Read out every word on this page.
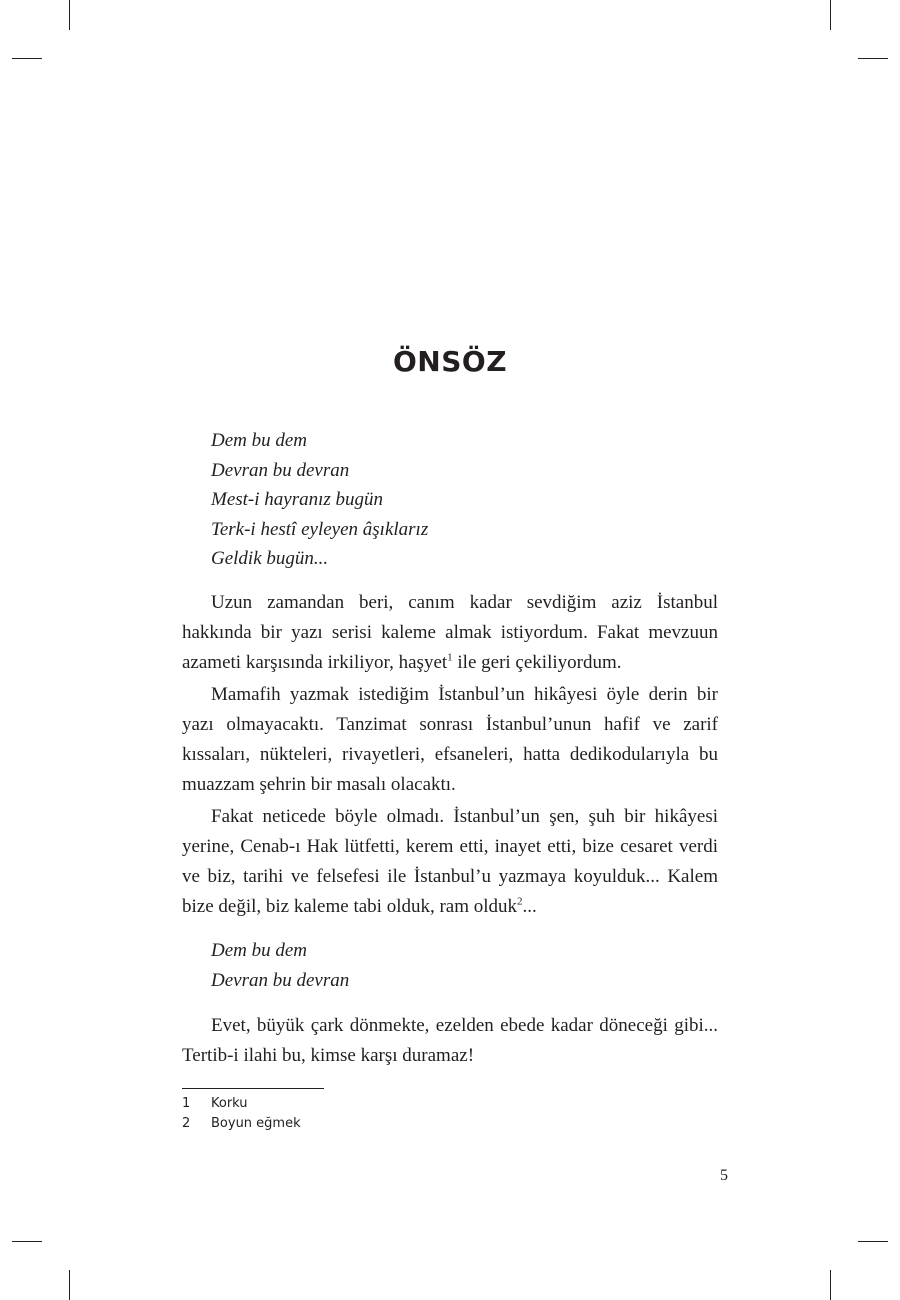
ÖNSÖZ
Dem bu dem
Devran bu devran
Mest-i hayranız bugün
Terk-i hestî eyleyen âşıklarız
Geldik bugün...

Uzun zamandan beri, canım kadar sevdiğim aziz İstanbul hakkında bir yazı serisi kaleme almak istiyordum. Fakat mevzuun azameti karşısında irkiliyor, haşyet$^1$ ile geri çekiliyordum.

Mamafih yazmak istediğim İstanbul’un hikâyesi öyle derin bir yazı olmayacaktı. Tanzimat sonrası İstanbul’unun hafif ve zarif kıssaları, nükteleri, rivayetleri, efsaneleri, hatta dedikodularıyla bu muazzam şehrin bir masalı olacaktı.

Fakat neticede böyle olmadı. İstanbul’un şen, şuh bir hikâyesi yerine, Cenab-ı Hak lütfetti, kerem etti, inayet etti, bize cesaret verdi ve biz, tarihi ve felsefesi ile İstanbul’u yazmaya koyulduk... Kalem bize değil, biz kaleme tabi olduk, ram olduk$^2$...

Dem bu dem
Devran bu devran

Evet, büyük çark dönmekte, ezelden ebede kadar döneceği gibi... Tertib-i ilahi bu, kimse karşı duramaz!

1 Korku

2 Boyun eğmek

5
